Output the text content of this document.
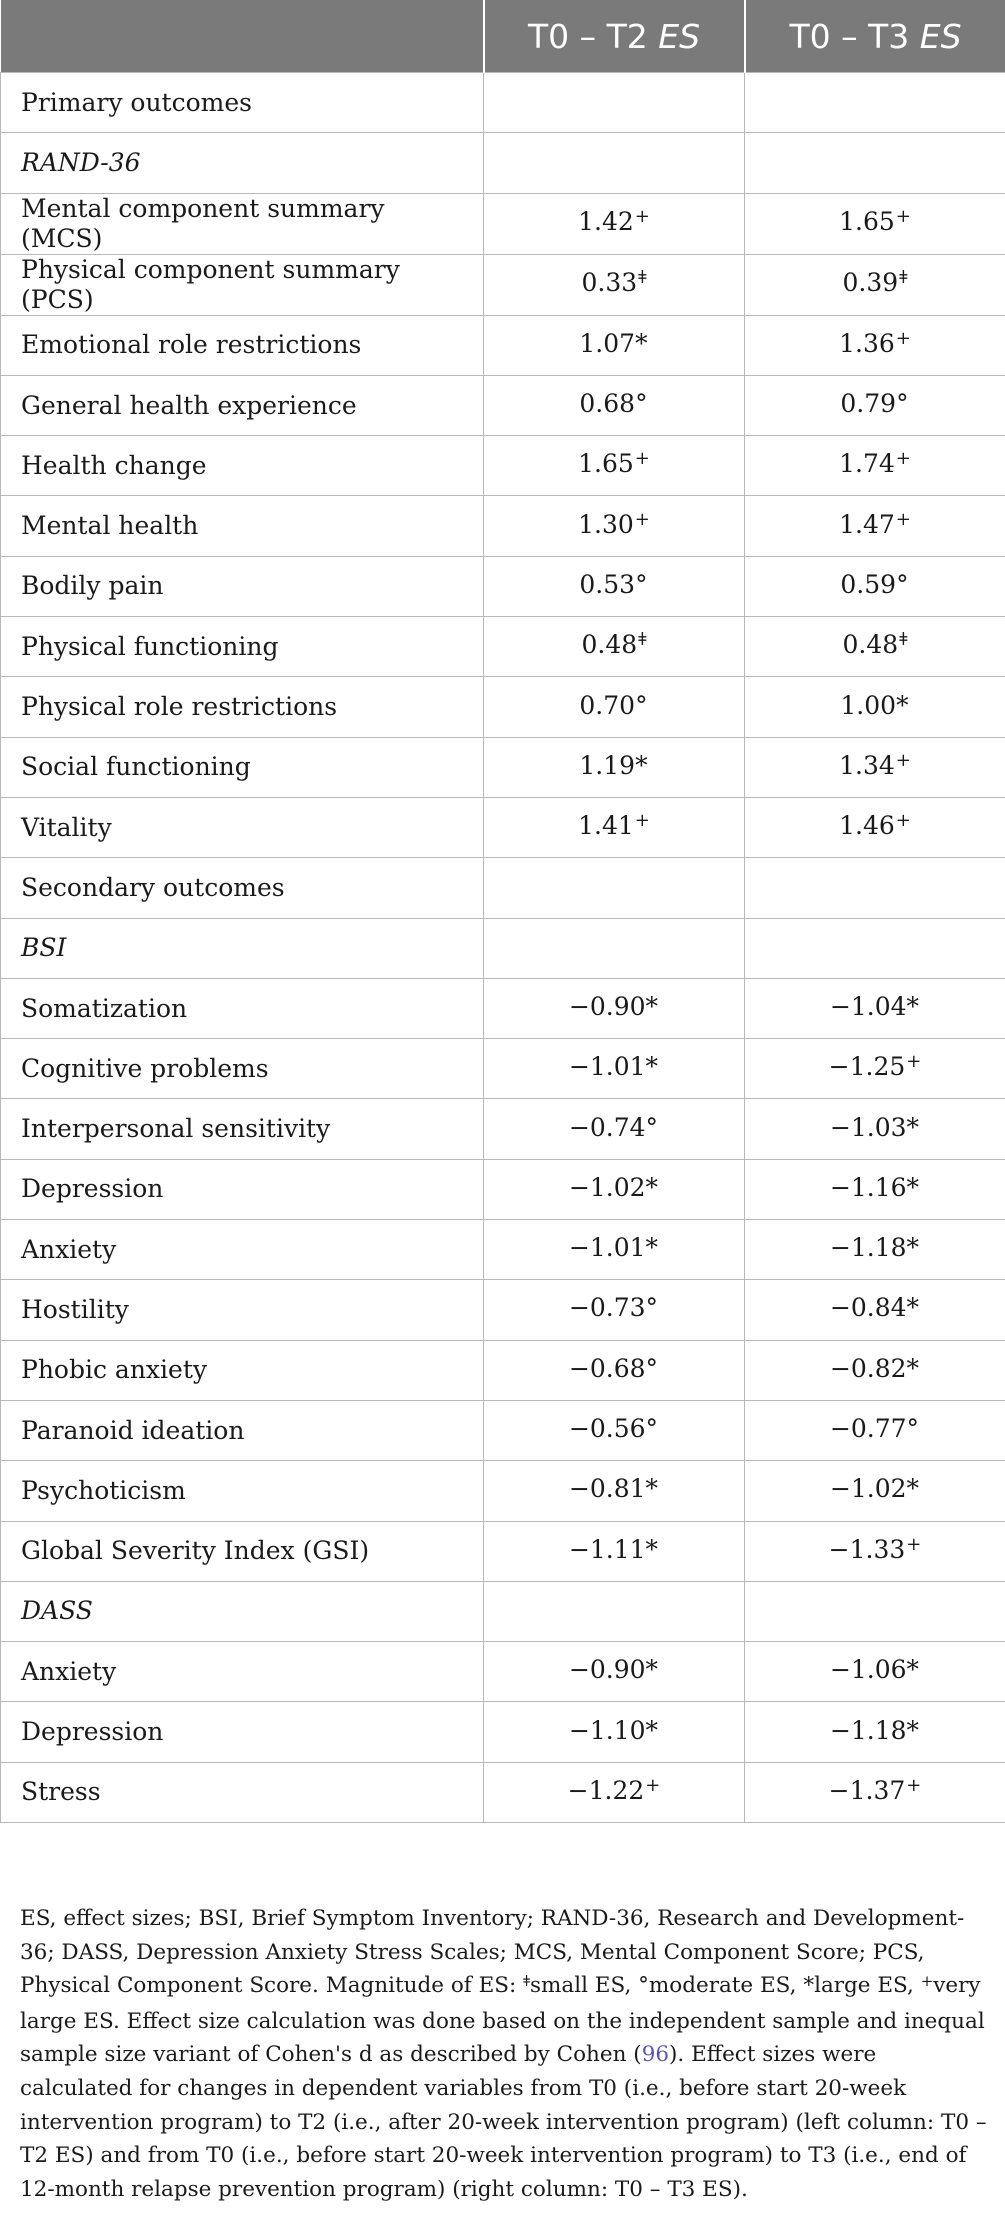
	T0 – T2 ES	T0 – T3 ES
Primary outcomes		
RAND-36		
Mental component summary (MCS)	1.42+	1.65+
Physical component summary (PCS)	$0.33^ǂ$	$0.39^ǂ$
Emotional role restrictions	1.07*	1.36+
General health experience	0.68°	0.79°
Health change	1.65+	1.74+
Mental health	1.30+	1.47+
Bodily pain	0.53°	0.59°
Physical functioning	$0.48^ǂ$	$0.48^ǂ$
Physical role restrictions	0.70°	1.00*
Social functioning	1.19*	1.34+
Vitality	1.41+	1.46+
Secondary outcomes		
BSI		
Somatization	−0.90*	−1.04*
Cognitive problems	−1.01*	−1.25+
Interpersonal sensitivity	−0.74°	−1.03*
Depression	−1.02*	−1.16*
Anxiety	−1.01*	−1.18*
Hostility	−0.73°	−0.84*
Phobic anxiety	−0.68°	−0.82*
Paranoid ideation	−0.56°	−0.77°
Psychoticism	−0.81*	−1.02*
Global Severity Index (GSI)	−1.11*	−1.33+
DASS		
Anxiety	−0.90*	−1.06*
Depression	−1.10*	−1.18*
Stress	−1.22+	−1.37+
ES, effect sizes; BSI, Brief Symptom Inventory; RAND-36, Research and Development-36; DASS, Depression Anxiety Stress Scales; MCS, Mental Component Score; PCS, Physical Component Score. Magnitude of ES: $^ǂ$small ES, °moderate ES, *large ES, +very large ES. Effect size calculation was done based on the independent sample and inequal sample size variant of Cohen's d as described by Cohen (96). Effect sizes were calculated for changes in dependent variables from T0 (i.e., before start 20-week intervention program) to T2 (i.e., after 20-week intervention program) (left column: T0 – T2 ES) and from T0 (i.e., before start 20-week intervention program) to T3 (i.e., end of 12-month relapse prevention program) (right column: T0 – T3 ES).
